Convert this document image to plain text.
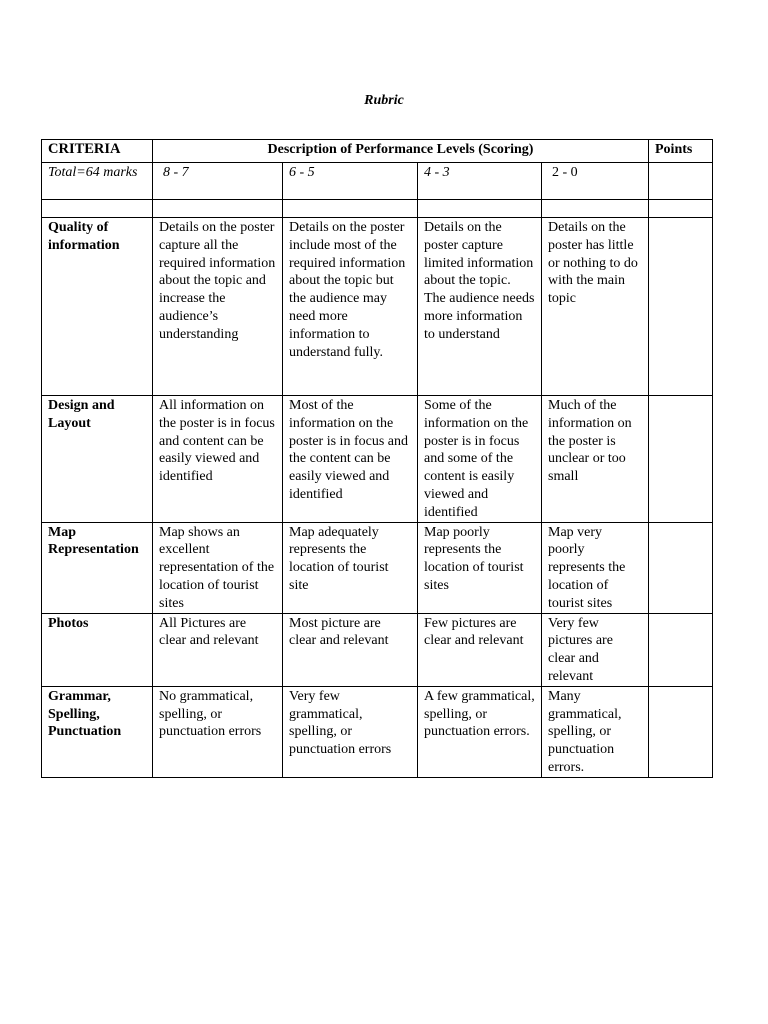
Rubric
CRITERIA	Description of Performance Levels (Scoring)				Points
Total=64 marks	8 - 7	6 - 5	4 - 3	2 - 0	

Quality of information	Details on the poster capture all the required information about the topic and increase the audience’s understanding	Details on the poster include most of the required information about the topic but the audience may need more information to understand fully.	Details on the poster capture limited information about the topic. The audience needs more information to understand	Details on the poster has little or nothing to do with the main topic	
Design and Layout	All information on the poster is in focus and content can be easily viewed and identified	Most of the information on the poster is in focus and the content can be easily viewed and identified	Some of the information on the poster is in focus and some of the content is easily viewed and identified	Much of the information on the poster is unclear or too small	
Map Representation	Map shows an excellent representation of the location of tourist sites	Map adequately represents the location of tourist site	Map poorly represents the location of tourist sites	Map very poorly represents the location of tourist sites	
Photos	All Pictures are clear and relevant	Most picture are clear and relevant	Few pictures are clear and relevant	Very few pictures are clear and relevant	
Grammar, Spelling, Punctuation	No grammatical, spelling, or punctuation errors	Very few grammatical, spelling, or punctuation errors	A few grammatical, spelling, or punctuation errors.	Many grammatical, spelling, or punctuation errors.	
